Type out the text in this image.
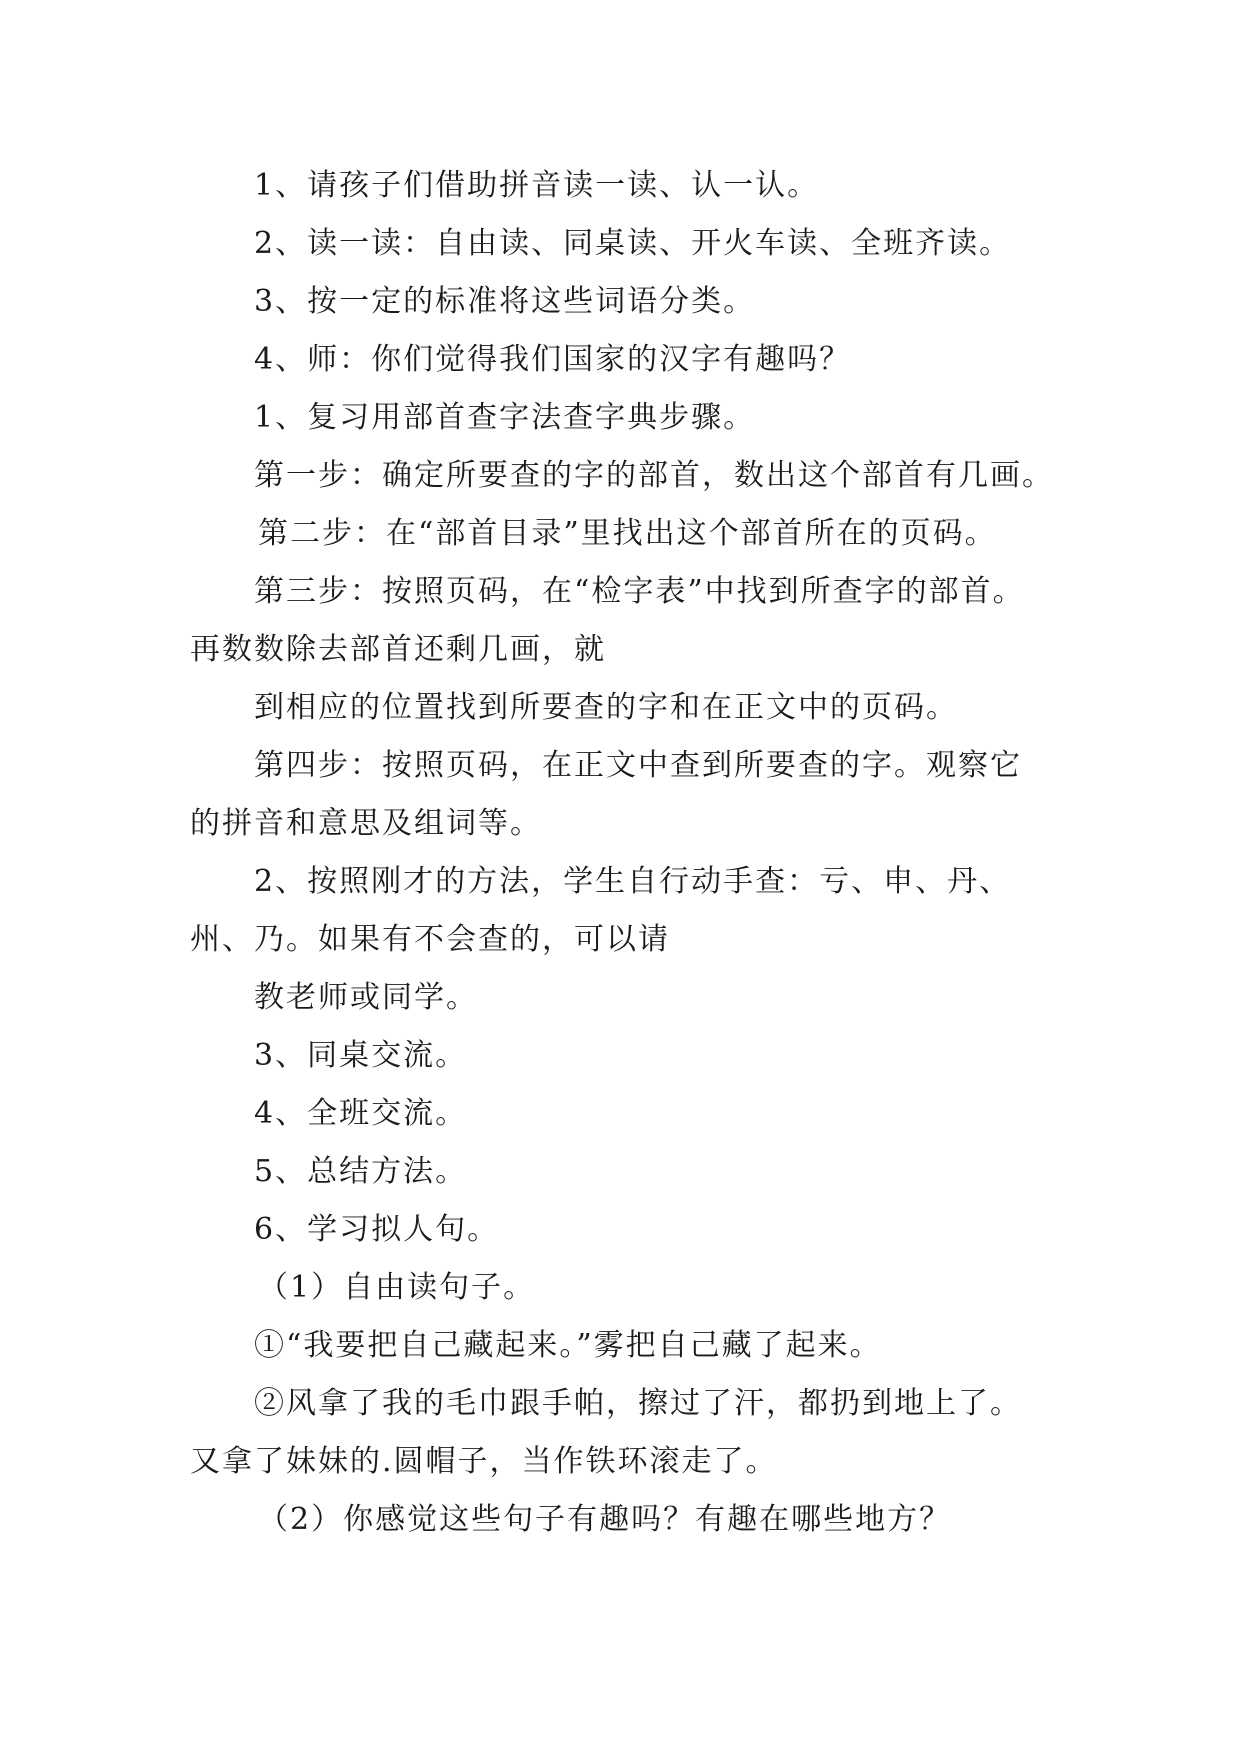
1、请孩子们借助拼音读一读、认一认。

2、读一读：自由读、同桌读、开火车读、全班齐读。

3、按一定的标准将这些词语分类。

4、师：你们觉得我们国家的汉字有趣吗？

1、复习用部首查字法查字典步骤。

第一步：确定所要查的字的部首，数出这个部首有几画。

第二步：在“部首目录”里找出这个部首所在的页码。

第三步：按照页码，在“检字表”中找到所查字的部首。

再数数除去部首还剩几画，就

到相应的位置找到所要查的字和在正文中的页码。

第四步：按照页码，在正文中查到所要查的字。观察它

的拼音和意思及组词等。

2、按照刚才的方法，学生自行动手查：亏、申、丹、

州、乃。如果有不会查的，可以请

教老师或同学。

3、同桌交流。

4、全班交流。

5、总结方法。

6、学习拟人句。

（1）自由读句子。

①“我要把自己藏起来。”雾把自己藏了起来。

②风拿了我的毛巾跟手帕，擦过了汗，都扔到地上了。

又拿了妹妹的.圆帽子，当作铁环滚走了。

（2）你感觉这些句子有趣吗？有趣在哪些地方？
